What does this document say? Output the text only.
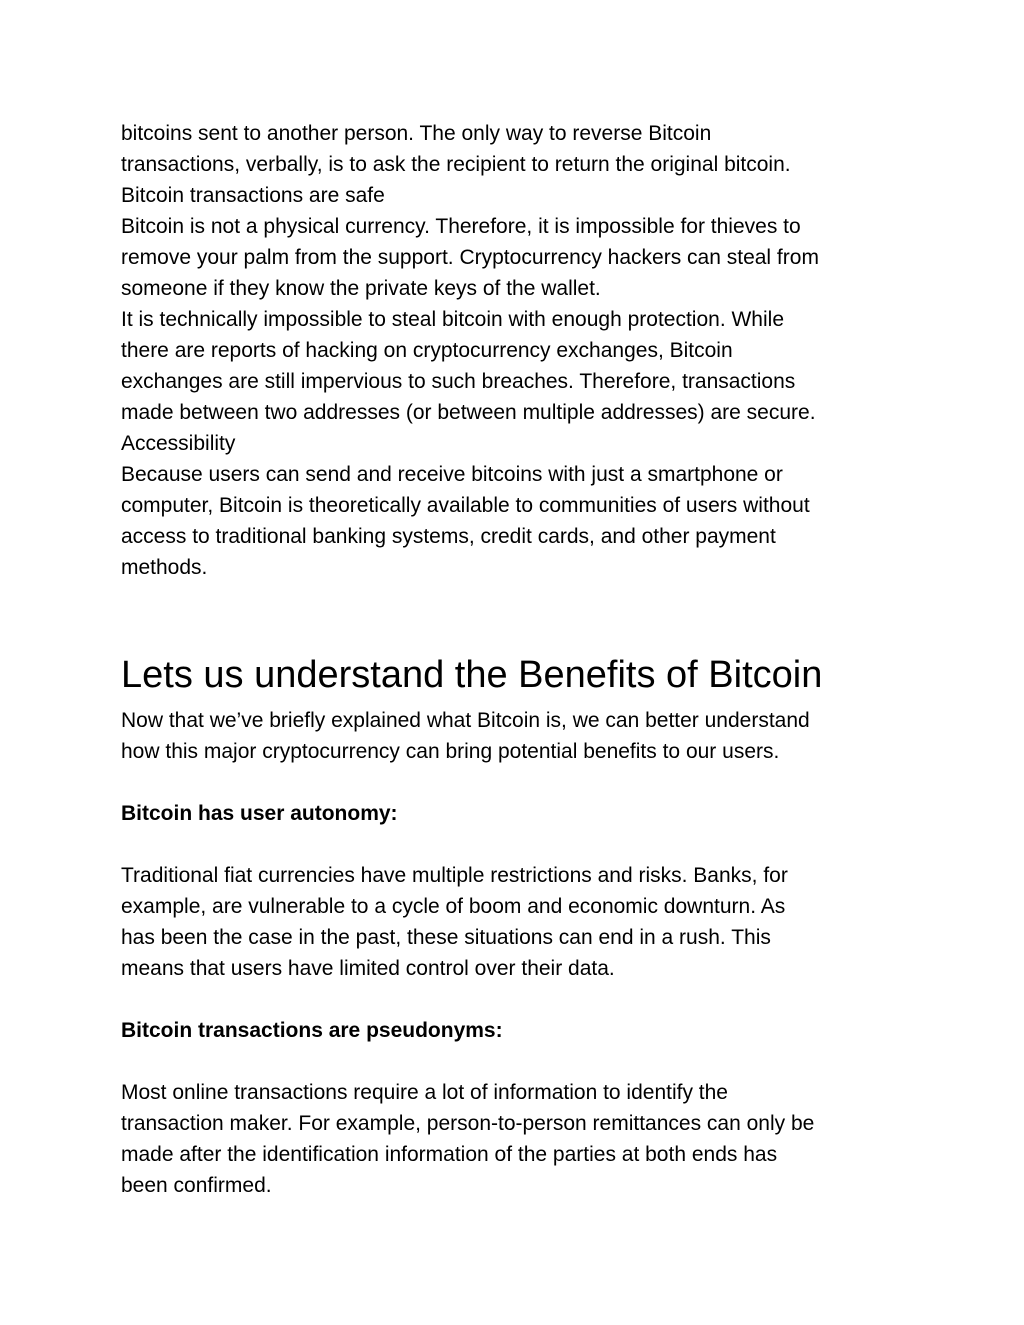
bitcoins sent to another person. The only way to reverse Bitcoin
transactions, verbally, is to ask the recipient to return the original bitcoin.
Bitcoin transactions are safe
Bitcoin is not a physical currency. Therefore, it is impossible for thieves to
remove your palm from the support. Cryptocurrency hackers can steal from
someone if they know the private keys of the wallet.
It is technically impossible to steal bitcoin with enough protection. While
there are reports of hacking on cryptocurrency exchanges, Bitcoin
exchanges are still impervious to such breaches. Therefore, transactions
made between two addresses (or between multiple addresses) are secure.
Accessibility
Because users can send and receive bitcoins with just a smartphone or
computer, Bitcoin is theoretically available to communities of users without
access to traditional banking systems, credit cards, and other payment
methods.
Lets us understand the Benefits of Bitcoin
Now that we’ve briefly explained what Bitcoin is, we can better understand
how this major cryptocurrency can bring potential benefits to our users.
Bitcoin has user autonomy:
Traditional fiat currencies have multiple restrictions and risks. Banks, for
example, are vulnerable to a cycle of boom and economic downturn. As
has been the case in the past, these situations can end in a rush. This
means that users have limited control over their data.
Bitcoin transactions are pseudonyms:
Most online transactions require a lot of information to identify the
transaction maker. For example, person-to-person remittances can only be
made after the identification information of the parties at both ends has
been confirmed.
